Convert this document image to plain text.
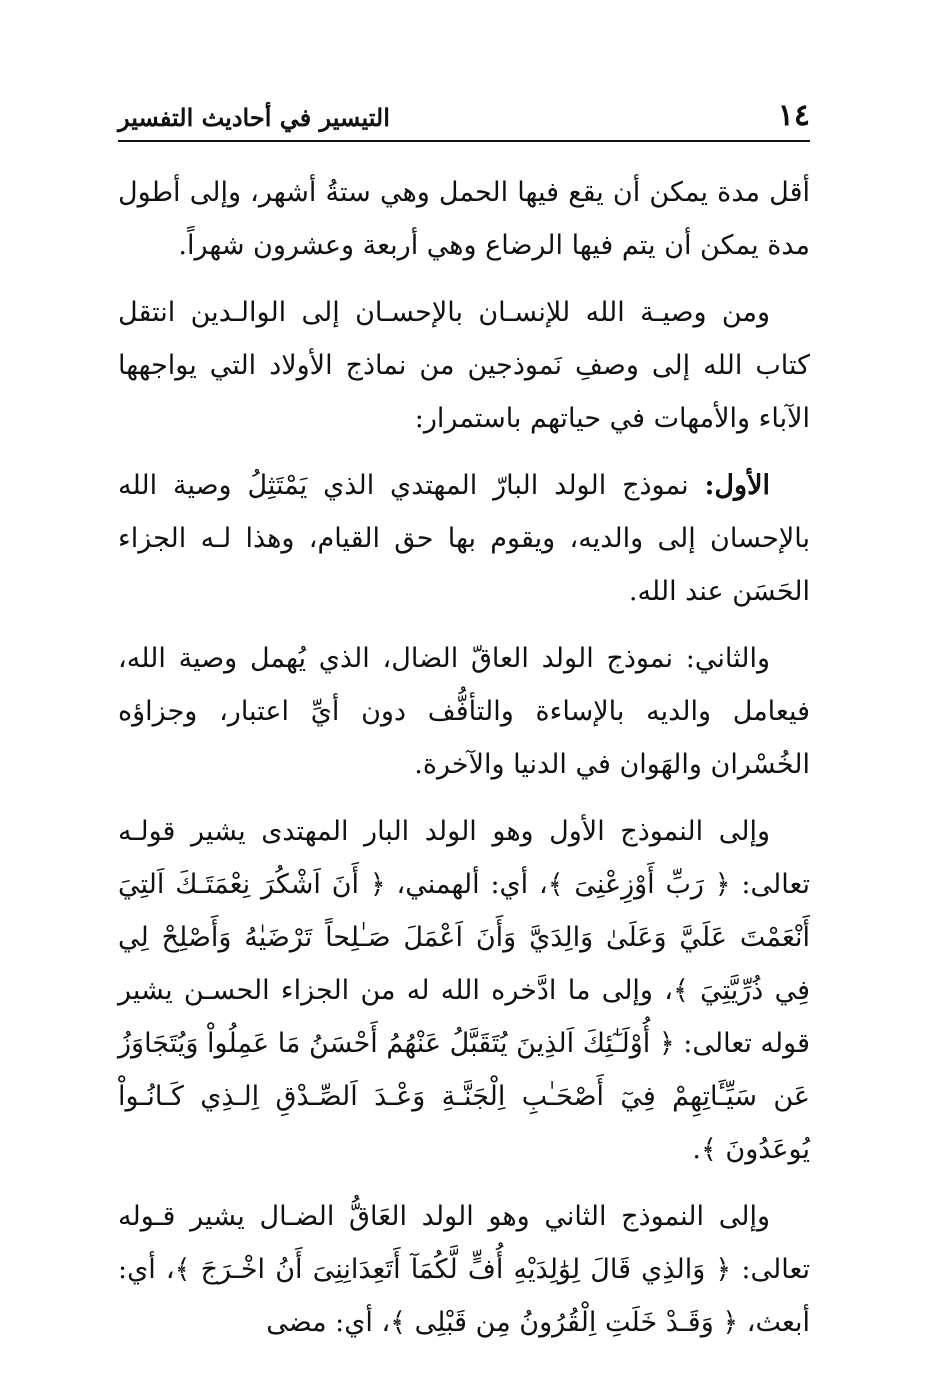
١٤
التيسير في أحاديث التفسير

أقل مدة يمكن أن يقع فيها الحمل وهي ستةُ أشهر، وإلى أطول مدة يمكن أن يتم فيها الرضاع وهي أربعة وعشرون شهراً.

ومن وصيـة الله للإنسـان بالإحسـان إلى الوالـدين انتقل كتاب الله إلى وصفِ نَموذجين من نماذج الأولاد التي يواجهها الآباء والأمهات في حياتهم باستمرار:

الأول: نموذج الولد البارّ المهتدي الذي يَمْتَثِلُ وصية الله بالإحسان إلى والديه، ويقوم بها حق القيام، وهذا لـه الجزاء الحَسَن عند الله.

والثاني: نموذج الولد العاقّ الضال، الذي يُهمل وصية الله، فيعامل والديه بالإساءة والتأفُّف دون أيِّ اعتبار، وجزاؤه الخُسْران والهَوان في الدنيا والآخرة.

وإلى النموذج الأول وهو الولد البار المهتدى يشير قولـه تعالى: ﴿ رَبِّ أَوْزِعْنِىَ ﴾، أي: ألهمني، ﴿ أَنَ اَشْكُرَ نِعْمَتَـكَ اَلتِيَ أَنْعَمْتَ عَلَيَّ وَعَلَىٰ وَالِدَيَّ وَأَنَ اَعْمَلَ صَـٰلِحاً تَرْضَيٰهُ وَأَصْلِحْ لِي فِي ذُرِّيَّتِيَ ﴾، وإلى ما ادَّخره الله له من الجزاء الحسـن يشير قوله تعالى: ﴿ أُوْلَـٰٓئِكَ اَلذِينَ يُتَقَبَّلُ عَنْهُمُ أَحْسَنُ مَا عَمِلُواْ وَيُتَجَاوَزُ عَن سَيِّـَٔاتِهِمْ فِيٓ أَصْحَـٰبِ اِلْجَنَّـةِ وَعْـدَ اَلصِّـدْقِ اِلـذِي كَـانُـواْ يُوعَدُونَ ﴾.

وإلى النموذج الثاني وهو الولد العَاقُّ الضـال يشير قـوله تعالى: ﴿ وَالذِي قَالَ لِوَٰلِدَيْهِ أُفٍّ لَّكُمَآ أَتَعِدَانِنِىَ أَنُ اخْـرَجَ ﴾، أي: أبعث، ﴿ وَقَـدْ خَلَتِ اِلْقُرُونُ مِن قَبْلِى ﴾، أي: مضى
